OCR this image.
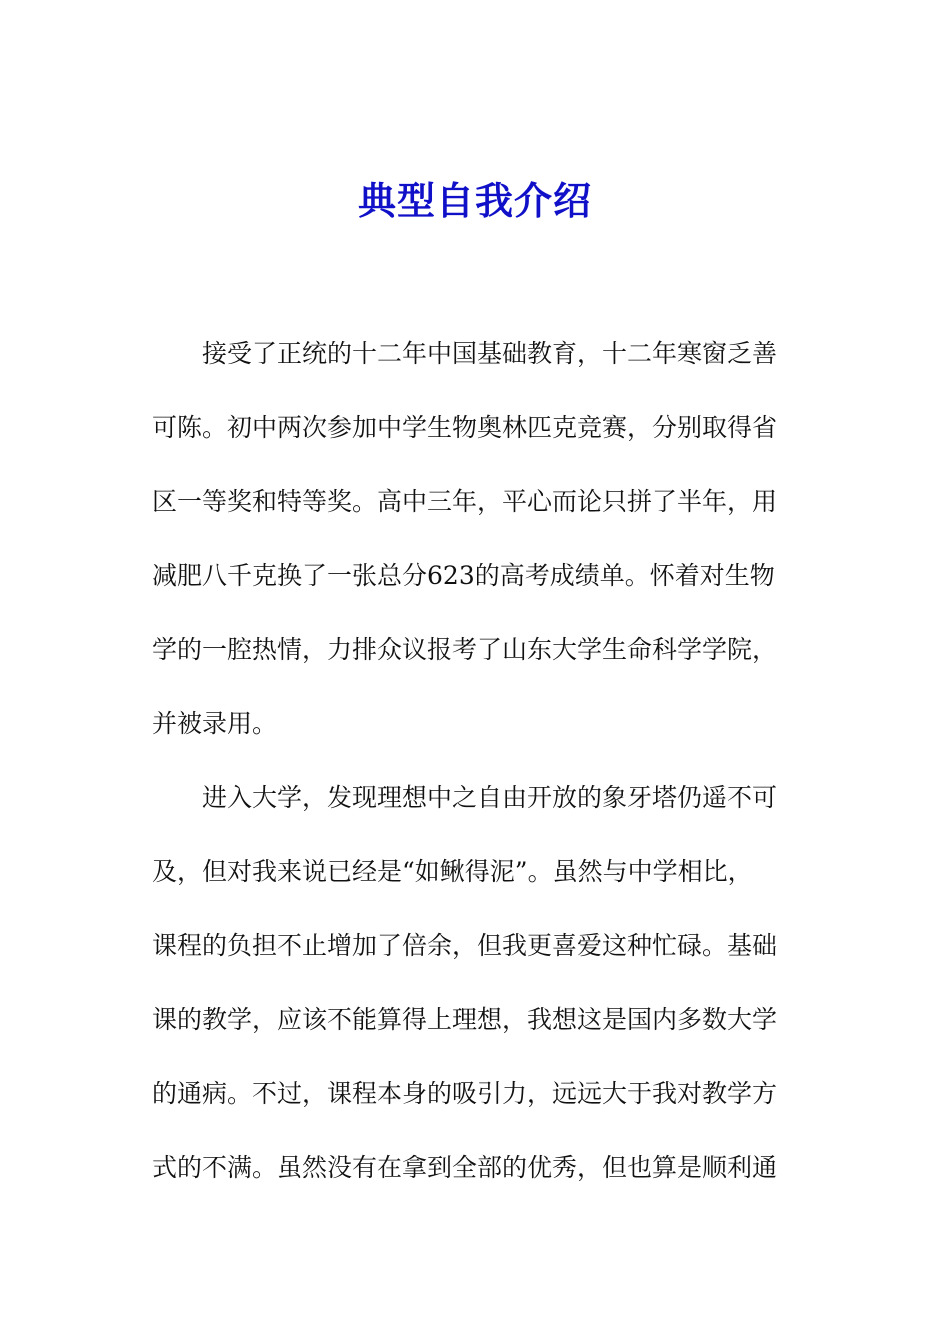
典型自我介绍
接受了正统的十二年中国基础教育，十二年寒窗乏善
可陈。初中两次参加中学生物奥林匹克竞赛，分别取得省
区一等奖和特等奖。高中三年，平心而论只拼了半年，用
减肥八千克换了一张总分623的高考成绩单。怀着对生物
学的一腔热情，力排众议报考了山东大学生命科学学院，
并被录用。
进入大学，发现理想中之自由开放的象牙塔仍遥不可
及，但对我来说已经是“如鳅得泥”。虽然与中学相比，
课程的负担不止增加了倍余，但我更喜爱这种忙碌。基础
课的教学，应该不能算得上理想，我想这是国内多数大学
的通病。不过，课程本身的吸引力，远远大于我对教学方
式的不满。虽然没有在拿到全部的优秀，但也算是顺利通
